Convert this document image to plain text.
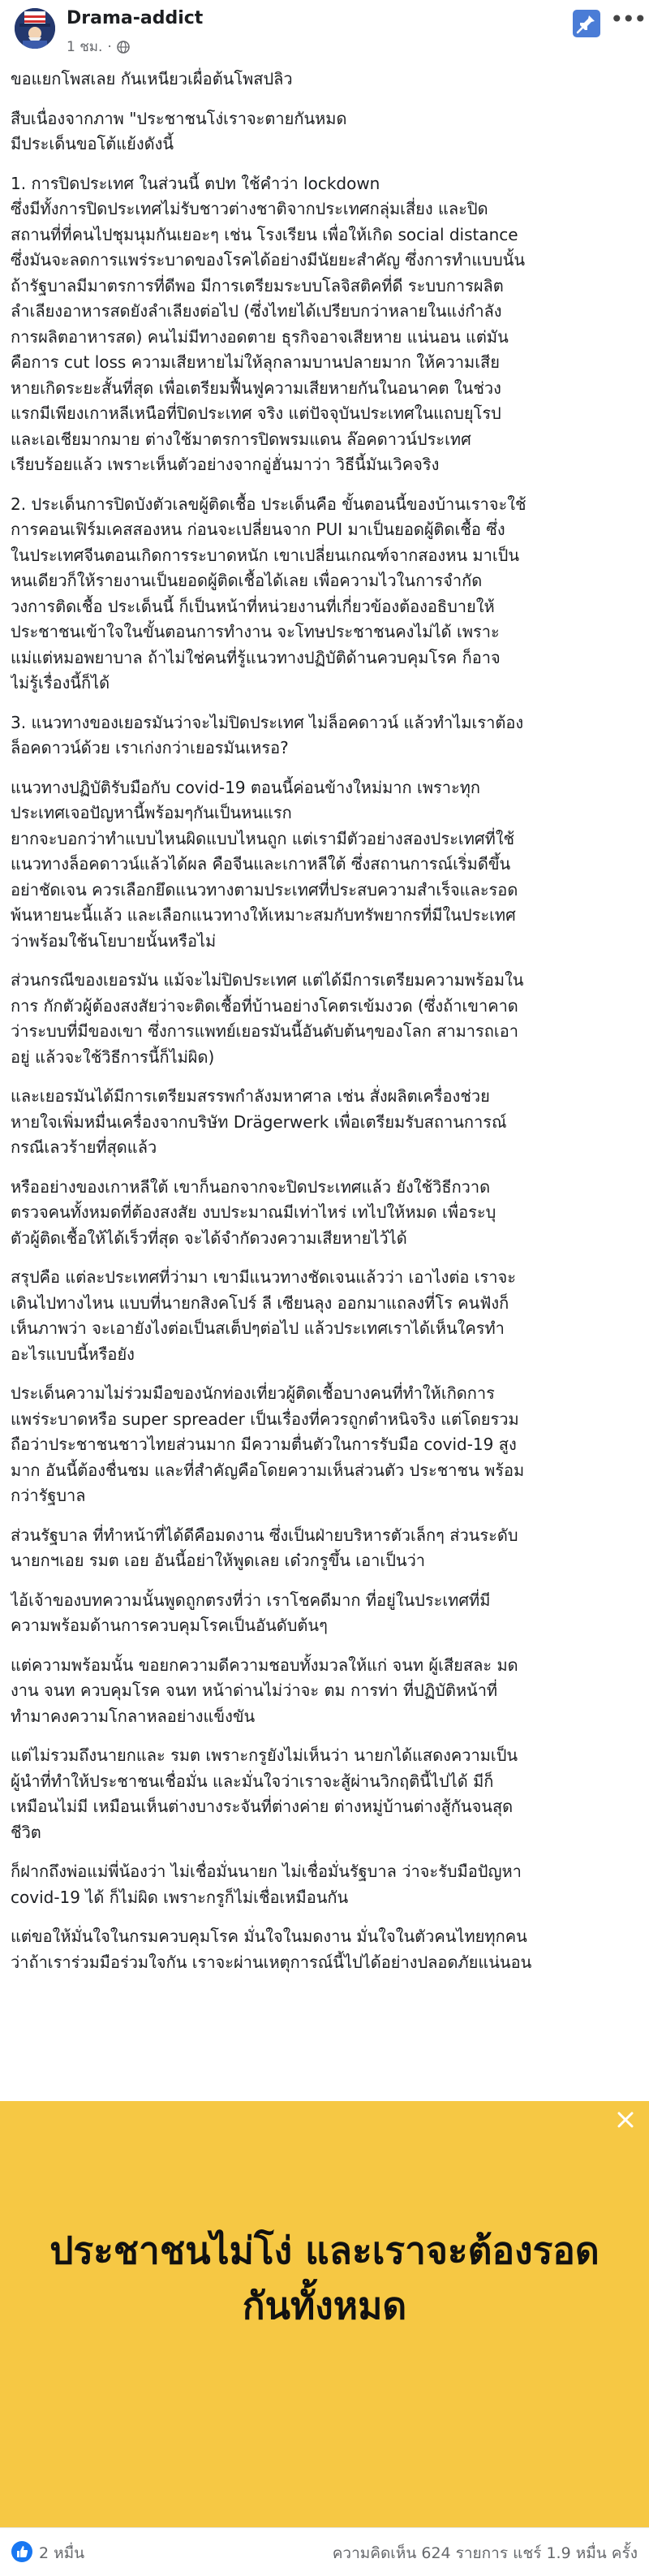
Drama-addict
1 ชม. ·
•••

ขอแยกโพสเลย กันเหนียวเผื่อต้นโพสปลิว

สืบเนื่องจากภาพ "ประชาชนโง่เราจะตายกันหมด
มีประเด็นขอโต้แย้งดังนี้

1. การปิดประเทศ ในส่วนนี้ ตปท ใช้คำว่า lockdown
ซึ่งมีทั้งการปิดประเทศไม่รับชาวต่างชาติจากประเทศกลุ่มเสี่ยง และปิด
สถานที่ที่คนไปชุมนุมกันเยอะๆ เช่น โรงเรียน เพื่อให้เกิด social distance
ซึ่งมันจะลดการแพร่ระบาดของโรคได้อย่างมีนัยยะสำคัญ ซึ่งการทำแบบนั้น
ถ้ารัฐบาลมีมาตรการที่ดีพอ มีการเตรียมระบบโลจิสติคที่ดี ระบบการผลิต
ลำเลียงอาหารสดยังลำเลียงต่อไป (ซึ่งไทยได้เปรียบกว่าหลายในแง่กำลัง
การผลิตอาหารสด) คนไม่มีทางอดตาย ธุรกิจอาจเสียหาย แน่นอน แต่มัน
คือการ cut loss ความเสียหายไม่ให้ลุกลามบานปลายมาก ให้ความเสีย
หายเกิดระยะสั้นที่สุด เพื่อเตรียมฟื้นฟูความเสียหายกันในอนาคต ในช่วง
แรกมีเพียงเกาหลีเหนือที่ปิดประเทศ จริง แต่ปัจจุบันประเทศในแถบยุโรป
และเอเชียมากมาย ต่างใช้มาตรการปิดพรมแดน ล๊อคดาวน์ประเทศ
เรียบร้อยแล้ว เพราะเห็นตัวอย่างจากอู่ฮั่นมาว่า วิธีนี้มันเวิคจริง

2. ประเด็นการปิดบังตัวเลขผู้ติดเชื้อ ประเด็นคือ ขั้นตอนนี้ของบ้านเราจะใช้
การคอนเฟิร์มเคสสองหน ก่อนจะเปลี่ยนจาก PUI มาเป็นยอดผู้ติดเชื้อ ซึ่ง
ในประเทศจีนตอนเกิดการระบาดหนัก เขาเปลี่ยนเกณฑ์จากสองหน มาเป็น
หนเดียวก็ให้รายงานเป็นยอดผู้ติดเชื้อได้เลย เพื่อความไวในการจำกัด
วงการติดเชื้อ ประเด็นนี้ ก็เป็นหน้าที่หน่วยงานที่เกี่ยวข้องต้องอธิบายให้
ประชาชนเข้าใจในขั้นตอนการทำงาน จะโทษประชาชนคงไม่ได้ เพราะ
แม่แต่หมอพยาบาล ถ้าไม่ใช่คนที่รู้แนวทางปฏิบัติด้านควบคุมโรค ก็อาจ
ไม่รู้เรื่องนี้ก็ได้

3. แนวทางของเยอรมันว่าจะไม่ปิดประเทศ ไม่ล็อคดาวน์ แล้วทำไมเราต้อง
ล็อคดาวน์ด้วย เราเก่งกว่าเยอรมันเหรอ?

แนวทางปฏิบัติรับมือกับ covid-19 ตอนนี้ค่อนข้างใหม่มาก เพราะทุก
ประเทศเจอปัญหานี้พร้อมๆกันเป็นหนแรก
ยากจะบอกว่าทำแบบไหนผิดแบบไหนถูก แต่เรามีตัวอย่างสองประเทศที่ใช้
แนวทางล็อคดาวน์แล้วได้ผล คือจีนและเกาหลีใต้ ซึ่งสถานการณ์เริ่มดีขึ้น
อย่าชัดเจน ควรเลือกยึดแนวทางตามประเทศที่ประสบความสำเร็จและรอด
พ้นหายนะนี้แล้ว และเลือกแนวทางให้เหมาะสมกับทรัพยากรที่มีในประเทศ
ว่าพร้อมใช้นโยบายนั้นหรือไม่

ส่วนกรณีของเยอรมัน แม้จะไม่ปิดประเทศ แต่ได้มีการเตรียมความพร้อมใน
การ กักตัวผู้ต้องสงสัยว่าจะติดเชื้อที่บ้านอย่างโคตรเข้มงวด (ซึ่งถ้าเขาคาด
ว่าระบบที่มีของเขา ซึ่งการแพทย์เยอรมันนี้อันดับต้นๆของโลก สามารถเอา
อยู่ แล้วจะใช้วิธีการนี้ก็ไม่ผิด)

และเยอรมันได้มีการเตรียมสรรพกำลังมหาศาล เช่น สั่งผลิตเครื่องช่วย
หายใจเพิ่มหมื่นเครื่องจากบริษัท Drägerwerk เพื่อเตรียมรับสถานการณ์
กรณีเลวร้ายที่สุดแล้ว

หรืออย่างของเกาหลีใต้ เขาก็นอกจากจะปิดประเทศแล้ว ยังใช้วิธีกวาด
ตรวจคนทั้งหมดที่ต้องสงสัย งบประมาณมีเท่าไหร่ เทไปให้หมด เพื่อระบุ
ตัวผู้ติดเชื้อให้ได้เร็วที่สุด จะได้จำกัดวงความเสียหายไว้ได้

สรุปคือ แต่ละประเทศที่ว่ามา เขามีแนวทางชัดเจนแล้วว่า เอาไงต่อ เราจะ
เดินไปทางไหน แบบที่นายกสิงคโปร์ ลี เซียนลุง ออกมาแถลงที่โร คนฟังก็
เห็นภาพว่า จะเอายังไงต่อเป็นสเต็ปๆต่อไป แล้วประเทศเราได้เห็นใครทำ
อะไรแบบนี้หรือยัง

ประเด็นความไม่ร่วมมือของนักท่องเที่ยวผู้ติดเชื้อบางคนที่ทำให้เกิดการ
แพร่ระบาดหรือ super spreader เป็นเรื่องที่ควรถูกตำหนิจริง แต่โดยรวม
ถือว่าประชาชนชาวไทยส่วนมาก มีความตื่นตัวในการรับมือ covid-19 สูง
มาก อันนี้ต้องชื่นชม และที่สำคัญคือโดยความเห็นส่วนตัว ประชาชน พร้อม
กว่ารัฐบาล

ส่วนรัฐบาล ที่ทำหน้าที่ได้ดีคือมดงาน ซึ่งเป็นฝ่ายบริหารตัวเล็กๆ ส่วนระดับ
นายกฯเอย รมต เอย อันนี้อย่าให้พูดเลย เด๋วกรูขึ้น เอาเป็นว่า

ไอ้เจ้าของบทความนั้นพูดถูกตรงที่ว่า เราโชคดีมาก ที่อยู่ในประเทศที่มี
ความพร้อมด้านการควบคุมโรคเป็นอันดับต้นๆ

แต่ความพร้อมนั้น ขอยกความดีความชอบทั้งมวลให้แก่ จนท ผู้เสียสละ มด
งาน จนท ควบคุมโรค จนท หน้าด่านไม่ว่าจะ ตม การท่า ที่ปฏิบัติหน้าที่
ทำมาคงความโกลาหลอย่างแข็งขัน

แต่ไม่รวมถึงนายกและ รมต เพราะกรูยังไม่เห็นว่า นายกได้แสดงความเป็น
ผู้นำที่ทำให้ประชาชนเชื่อมั่น และมั่นใจว่าเราจะสู้ผ่านวิกฤตินี้ไปได้ มีก็
เหมือนไม่มี เหมือนเห็นต่างบางระจันที่ต่างค่าย ต่างหมู่บ้านต่างสู้กันจนสุด
ชีวิต

ก็ฝากถึงพ่อแม่พี่น้องว่า ไม่เชื่อมั่นนายก ไม่เชื่อมั่นรัฐบาล ว่าจะรับมือปัญหา
covid-19 ได้ ก็ไม่ผิด เพราะกรูก็ไม่เชื่อเหมือนกัน

แต่ขอให้มั่นใจในกรมควบคุมโรค มั่นใจในมดงาน มั่นใจในตัวคนไทยทุกคน
ว่าถ้าเราร่วมมือร่วมใจกัน เราจะผ่านเหตุการณ์นี้ไปได้อย่างปลอดภัยแน่นอน

ประชาชนไม่โง่ และเราจะต้องรอด
กันทั้งหมด
2 หมื่น	ความคิดเห็น 624 รายการ แชร์ 1.9 หมื่น ครั้ง
